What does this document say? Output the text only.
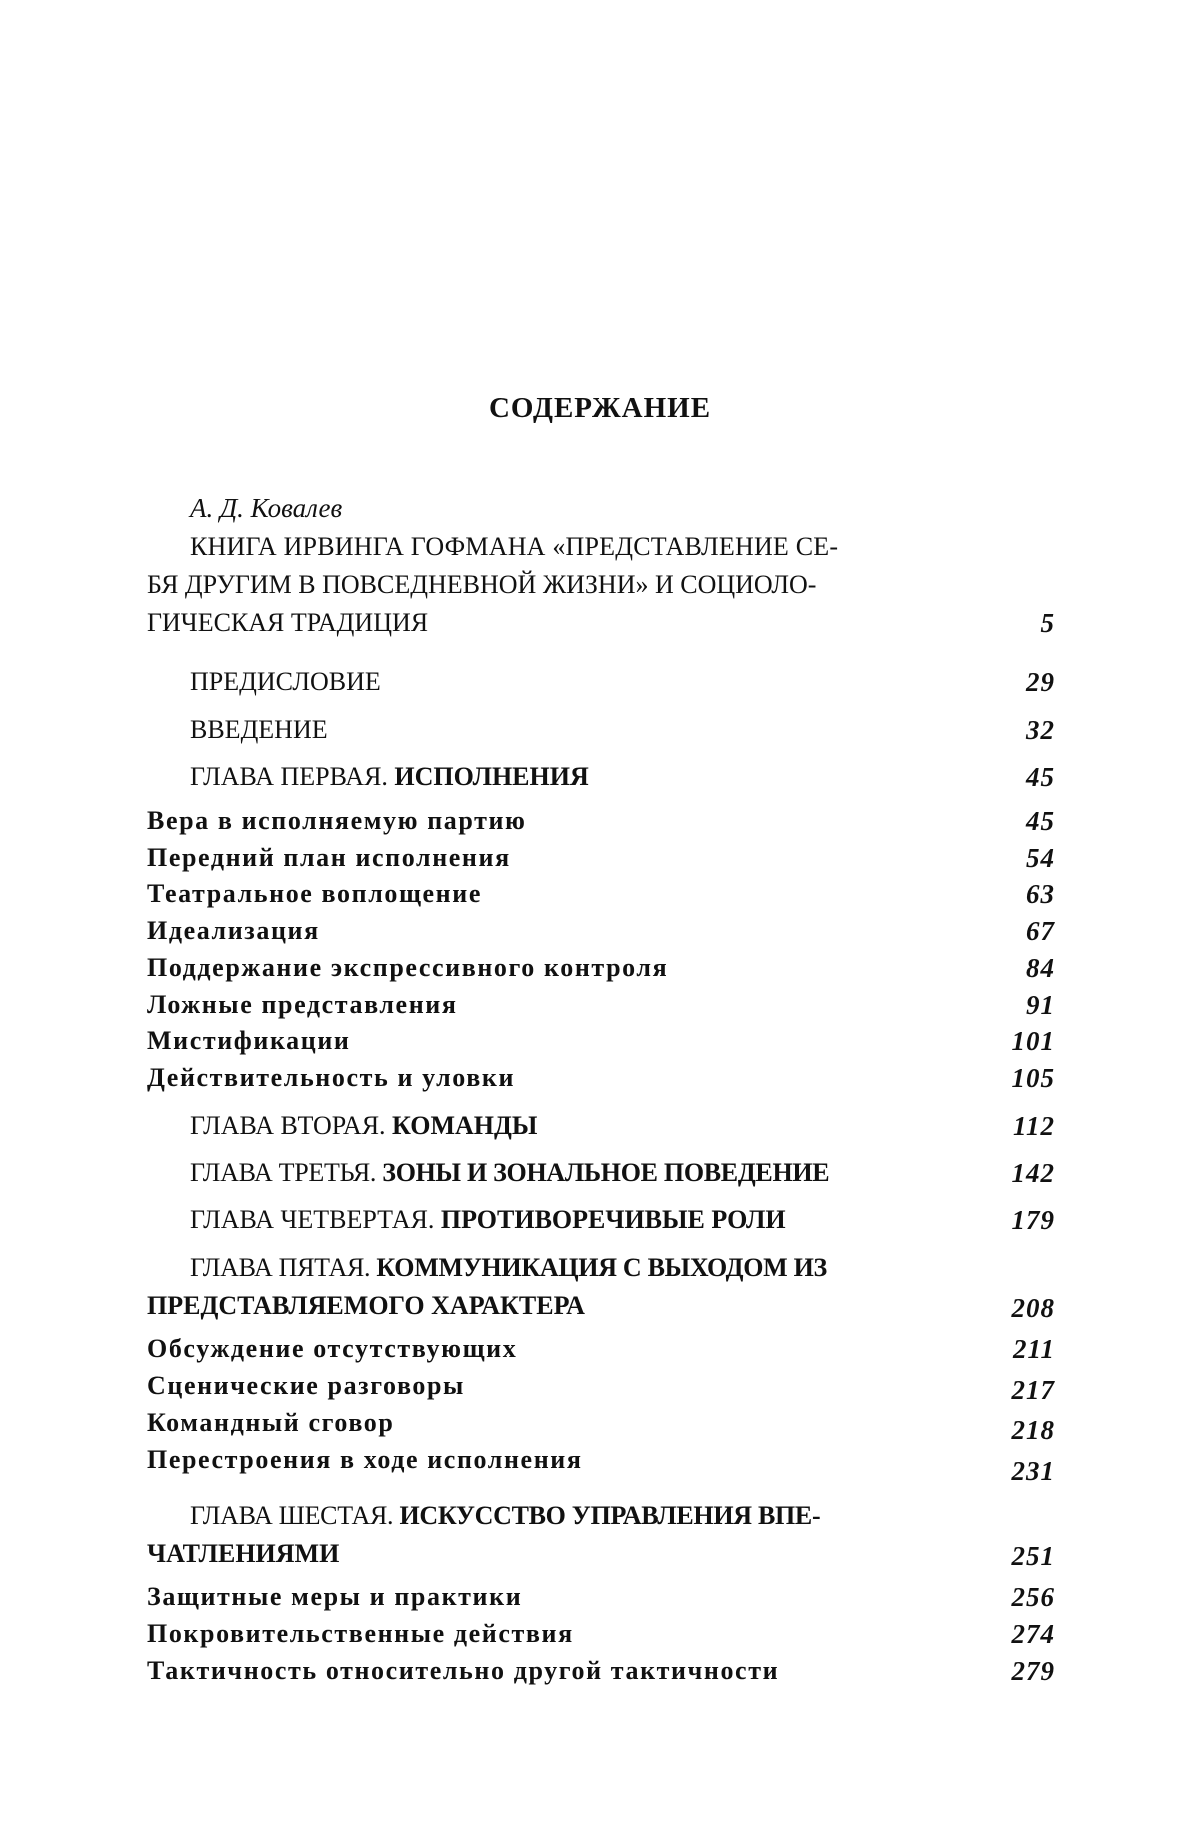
СОДЕРЖАНИЕ
А. Д. Ковалев
КНИГА ИРВИНГА ГОФМАНА «ПРЕДСТАВЛЕНИЕ СЕ-
БЯ ДРУГИМ В ПОВСЕДНЕВНОЙ ЖИЗНИ» И СОЦИОЛО-
ГИЧЕСКАЯ ТРАДИЦИЯ	5
ПРЕДИСЛОВИЕ	29
ВВЕДЕНИЕ	32
ГЛАВА ПЕРВАЯ. ИСПОЛНЕНИЯ	45
Вера в исполняемую партию	45
Передний план исполнения	54
Театральное воплощение	63
Идеализация	67
Поддержание экспрессивного контроля	84
Ложные представления	91
Мистификации	101
Действительность и уловки	105
ГЛАВА ВТОРАЯ. КОМАНДЫ	112
ГЛАВА ТРЕТЬЯ. ЗОНЫ И ЗОНАЛЬНОЕ ПОВЕДЕНИЕ	142
ГЛАВА ЧЕТВЕРТАЯ. ПРОТИВОРЕЧИВЫЕ РОЛИ	179
ГЛАВА ПЯТАЯ. КОММУНИКАЦИЯ С ВЫХОДОМ ИЗ
ПРЕДСТАВЛЯЕМОГО ХАРАКТЕРА	208
Обсуждение отсутствующих	211
Сценические разговоры	217
Командный сговор	218
Перестроения в ходе исполнения	231
ГЛАВА ШЕСТАЯ. ИСКУССТВО УПРАВЛЕНИЯ ВПЕ-
ЧАТЛЕНИЯМИ	251
Защитные меры и практики	256
Покровительственные действия	274
Тактичность относительно другой тактичности	279
